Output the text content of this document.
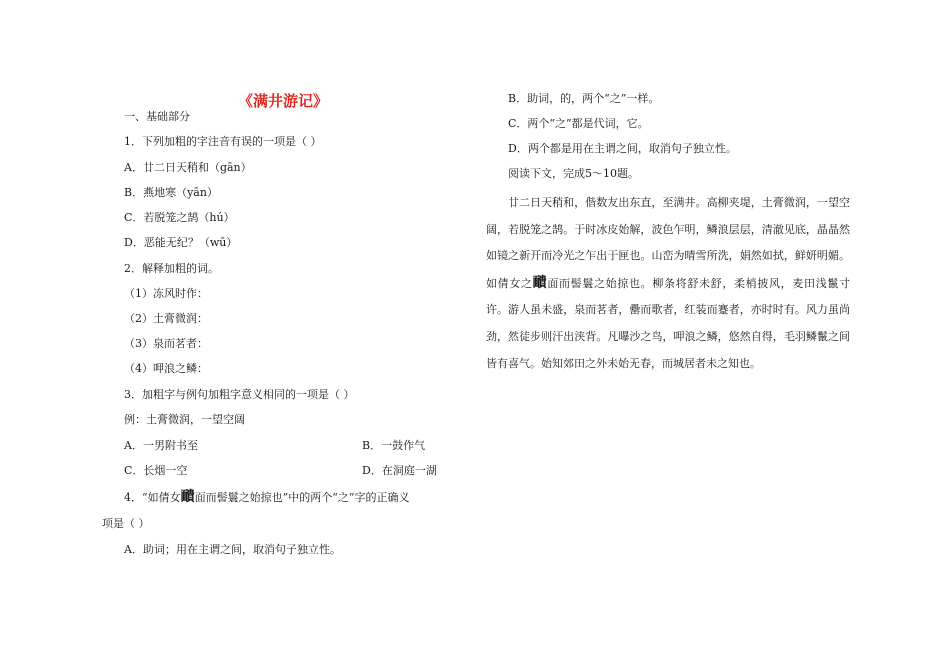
《满井游记》
一、基础部分
1．下列加粗的字注音有误的一项是（ ）
A．廿二日天稍和（gān）
B．燕地寒（yān）
C．若脱笼之鹄（hú）
D．恶能无纪？（wū）
2．解释加粗的词。
（1）冻风时作：
（2）土膏微润：
（3）泉而茗者：
（4）呷浪之鳞：
3．加粗字与例句加粗字意义相同的一项是（ ）
例：土膏微润，一望空阔
A．一男附书至	B．一鼓作气
C．长烟一空	D．在洞庭一湖
4．“如倩女靧面而髻鬟之始掠也”中的两个“之”字的正确义
项是（ ）
A．助词；用在主谓之间，取消句子独立性。
B．助词，的，两个“之”一样。
C．两个“之”都是代词，它。
D．两个都是用在主谓之间，取消句子独立性。
阅读下文，完成5～10题。
廿二日天稍和，偕数友出东直，至满井。高柳夹堤，土膏微润，一望空阔，若脱笼之鹄。于时冰皮始解，波色乍明，鳞浪层层，清澈见底，晶晶然如镜之新开而冷光之乍出于匣也。山峦为晴雪所洗，娟然如拭，鲜妍明媚。如倩女之靧面而髻鬟之始掠也。柳条将舒未舒，柔梢披风，麦田浅鬣寸许。游人虽未盛，泉而茗者，罍而歌者，红装而蹇者，亦时时有。风力虽尚劲，然徒步则汗出浃背。凡曝沙之鸟，呷浪之鳞，悠然自得，毛羽鳞鬣之间皆有喜气。始知郊田之外未始无春，而城居者未之知也。
